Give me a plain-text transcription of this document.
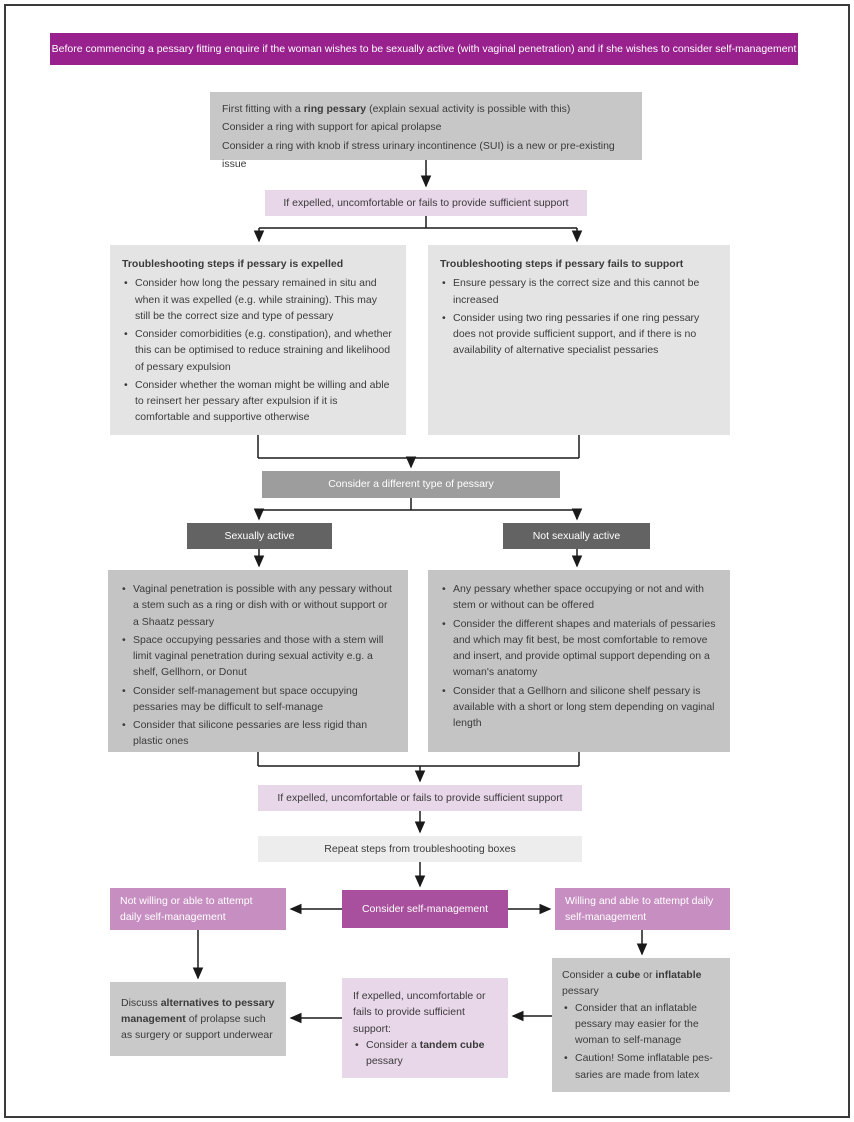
Before commencing a pessary fitting enquire if the woman wishes to be sexually active (with vaginal penetration) and if she wishes to consider self-management
First fitting with a ring pessary (explain sexual activity is possible with this)
Consider a ring with support for apical prolapse
Consider a ring with knob if stress urinary incontinence (SUI) is a new or pre-existing issue
If expelled, uncomfortable or fails to provide sufficient support
Troubleshooting steps if pessary is expelled
• Consider how long the pessary remained in situ and when it was expelled (e.g. while straining). This may still be the correct size and type of pessary
• Consider comorbidities (e.g. constipation), and whether this can be optimised to reduce straining and likelihood of pessary expulsion
• Consider whether the woman might be willing and able to reinsert her pessary after expulsion if it is comfortable and supportive otherwise
Troubleshooting steps if pessary fails to support
• Ensure pessary is the correct size and this cannot be increased
• Consider using two ring pessaries if one ring pessary does not provide sufficient support, and if there is no availability of alternative specialist pessaries
Consider a different type of pessary
Sexually active	Not sexually active
• Vaginal penetration is possible with any pessary without a stem such as a ring or dish with or without support or a Shaatz pessary
• Space occupying pessaries and those with a stem will limit vaginal penetration during sexual activity e.g. a shelf, Gellhorn, or Donut
• Consider self-management but space occupying pessaries may be difficult to self-manage
• Consider that silicone pessaries are less rigid than plastic ones
• Any pessary whether space occupying or not and with stem or without can be offered
• Consider the different shapes and materials of pessaries and which may fit best, be most comfortable to remove and insert, and provide optimal support depending on a woman's anatomy
• Consider that a Gellhorn and silicone shelf pessary is available with a short or long stem depending on vaginal length
If expelled, uncomfortable or fails to provide sufficient support
Repeat steps from troubleshooting boxes
Not willing or able to attempt daily self-management
Consider self-management
Willing and able to attempt daily self-management
Discuss alternatives to pessary management of prolapse such as surgery or support underwear
If expelled, uncomfortable or fails to provide sufficient support:
• Consider a tandem cube pessary
Consider a cube or inflatable pessary
• Consider that an inflatable pessary may easier for the woman to self-manage
• Caution! Some inflatable pes-saries are made from latex
